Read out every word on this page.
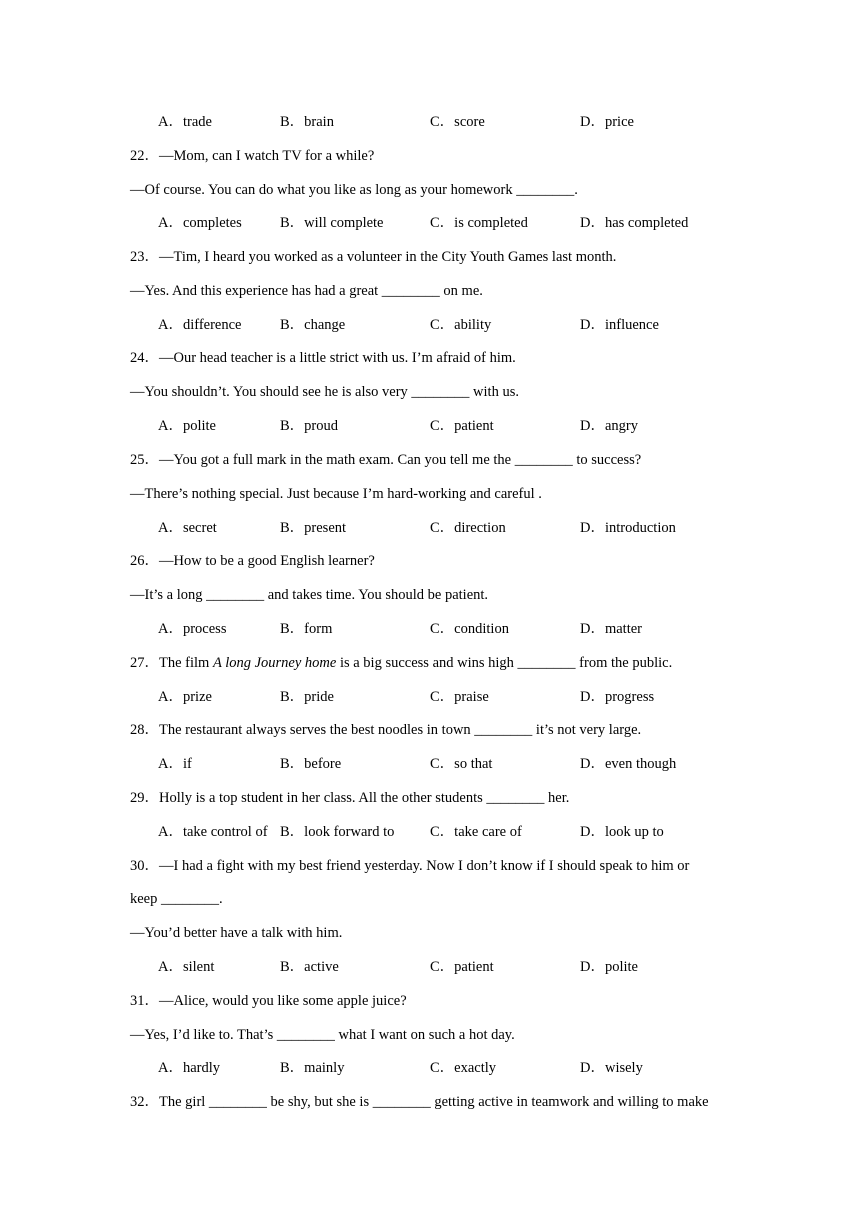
A．trade	B．brain	C．score	D．price
22．—Mom, can I watch TV for a while?
—Of course. You can do what you like as long as your homework ________.
A．completes	B．will complete	C．is completed	D．has completed
23．—Tim, I heard you worked as a volunteer in the City Youth Games last month.
—Yes. And this experience has had a great ________ on me.
A．difference	B．change	C．ability	D．influence
24．—Our head teacher is a little strict with us. I’m afraid of him.
—You shouldn’t. You should see he is also very ________ with us.
A．polite	B．proud	C．patient	D．angry
25．—You got a full mark in the math exam. Can you tell me the ________ to success?
—There’s nothing special. Just because I’m hard-working and careful .
A．secret	B．present	C．direction	D．introduction
26．—How to be a good English learner?
—It’s a long ________ and takes time. You should be patient.
A．process	B．form	C．condition	D．matter
27．The film A long Journey home is a big success and wins high ________ from the public.
A．prize	B．pride	C．praise	D．progress
28．The restaurant always serves the best noodles in town ________ it’s not very large.
A．if	B．before	C．so that	D．even though
29．Holly is a top student in her class. All the other students ________ her.
A．take control of B．look forward to C．take care of	D．look up to
30．—I had a fight with my best friend yesterday. Now I don’t know if I should speak to him or
keep ________.
—You’d better have a talk with him.
A．silent	B．active	C．patient	D．polite
31．—Alice, would you like some apple juice?
—Yes, I’d like to. That’s ________ what I want on such a hot day.
A．hardly	B．mainly	C．exactly	D．wisely
32．The girl ________ be shy, but she is ________ getting active in teamwork and willing to make
